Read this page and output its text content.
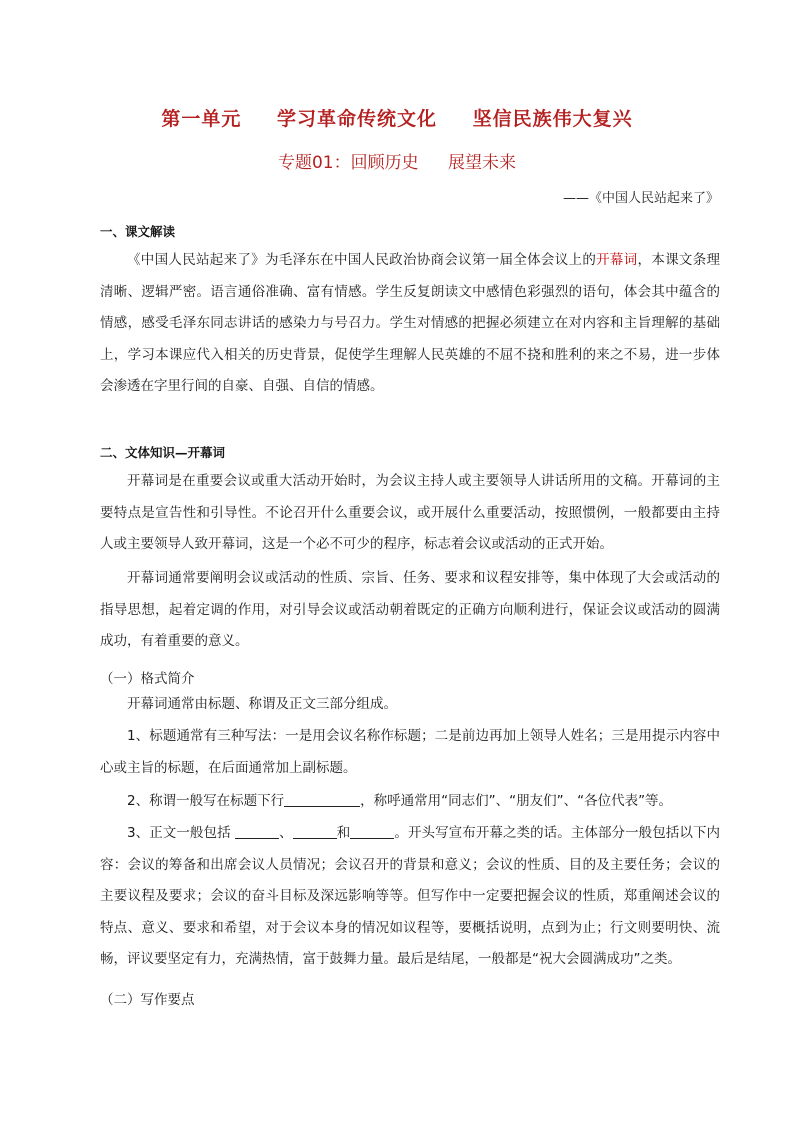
第一单元 学习革命传统文化 坚信民族伟大复兴
专题01：回顾历史 展望未来
——《中国人民站起来了》
一、课文解读
《中国人民站起来了》为毛泽东在中国人民政治协商会议第一届全体会议上的开幕词，本课文条理清晰、逻辑严密。语言通俗准确、富有情感。学生反复朗读文中感情色彩强烈的语句，体会其中蕴含的情感，感受毛泽东同志讲话的感染力与号召力。学生对情感的把握必须建立在对内容和主旨理解的基础上，学习本课应代入相关的历史背景，促使学生理解人民英雄的不屈不挠和胜利的来之不易，进一步体会渗透在字里行间的自豪、自强、自信的情感。
二、文体知识—开幕词
开幕词是在重要会议或重大活动开始时，为会议主持人或主要领导人讲话所用的文稿。开幕词的主要特点是宣告性和引导性。不论召开什么重要会议，或开展什么重要活动，按照惯例，一般都要由主持人或主要领导人致开幕词，这是一个必不可少的程序，标志着会议或活动的正式开始。
开幕词通常要阐明会议或活动的性质、宗旨、任务、要求和议程安排等，集中体现了大会或活动的指导思想，起着定调的作用，对引导会议或活动朝着既定的正确方向顺利进行，保证会议或活动的圆满成功，有着重要的意义。
（一）格式简介
开幕词通常由标题、称谓及正文三部分组成。
1、标题通常有三种写法：一是用会议名称作标题；二是前边再加上领导人姓名；三是用提示内容中心或主旨的标题，在后面通常加上副标题。
2、称谓一般写在标题下行	，称呼通常用“同志们”、“朋友们”、“各位代表”等。
3、正文一般包括	、	和	。开头写宣布开幕之类的话。主体部分一般包括以下内容：会议的筹备和出席会议人员情况；会议召开的背景和意义；会议的性质、目的及主要任务；会议的主要议程及要求；会议的奋斗目标及深远影响等等。但写作中一定要把握会议的性质，郑重阐述会议的特点、意义、要求和希望，对于会议本身的情况如议程等，要概括说明，点到为止；行文则要明快、流畅，评议要坚定有力，充满热情，富于鼓舞力量。最后是结尾，一般都是“祝大会圆满成功”之类。
（二）写作要点
